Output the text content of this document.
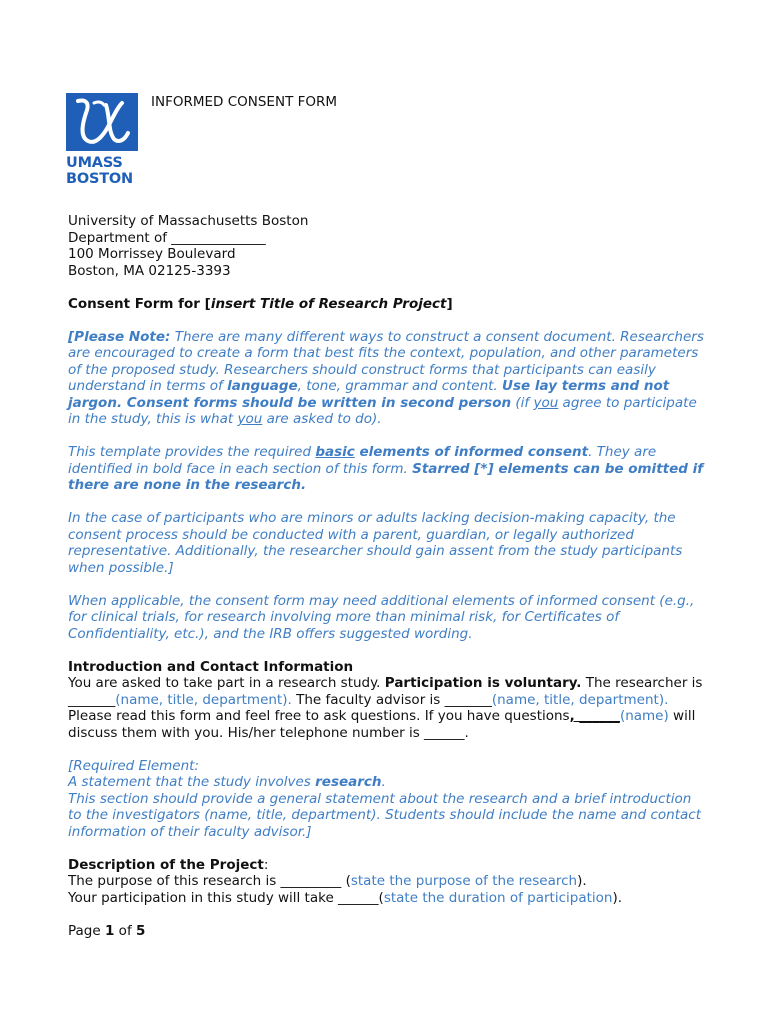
UMASS
BOSTON
INFORMED CONSENT FORM
University of Massachusetts Boston
Department of ______________
100 Morrissey Boulevard
Boston, MA 02125-3393

Consent Form for [insert Title of Research Project]

[Please Note: There are many different ways to construct a consent document. Researchers are encouraged to create a form that best fits the context, population, and other parameters of the proposed study. Researchers should construct forms that participants can easily understand in terms of language, tone, grammar and content. Use lay terms and not jargon. Consent forms should be written in second person (if you agree to participate in the study, this is what you are asked to do).

This template provides the required basic elements of informed consent. They are identified in bold face in each section of this form. Starred [*] elements can be omitted if there are none in the research.

In the case of participants who are minors or adults lacking decision-making capacity, the consent process should be conducted with a parent, guardian, or legally authorized representative. Additionally, the researcher should gain assent from the study participants when possible.]

When applicable, the consent form may need additional elements of informed consent (e.g., for clinical trials, for research involving more than minimal risk, for Certificates of Confidentiality, etc.), and the IRB offers suggested wording.

Introduction and Contact Information

You are asked to take part in a research study. Participation is voluntary. The researcher is _______(name, title, department). The faculty advisor is _______(name, title, department). Please read this form and feel free to ask questions. If you have questions, ______(name) will discuss them with you. His/her telephone number is ______.

[Required Element:

A statement that the study involves research.

This section should provide a general statement about the research and a brief introduction to the investigators (name, title, department). Students should include the name and contact information of their faculty advisor.]

Description of the Project:

The purpose of this research is _________ (state the purpose of the research).

Your participation in this study will take ______(state the duration of participation).

Page 1 of 5
